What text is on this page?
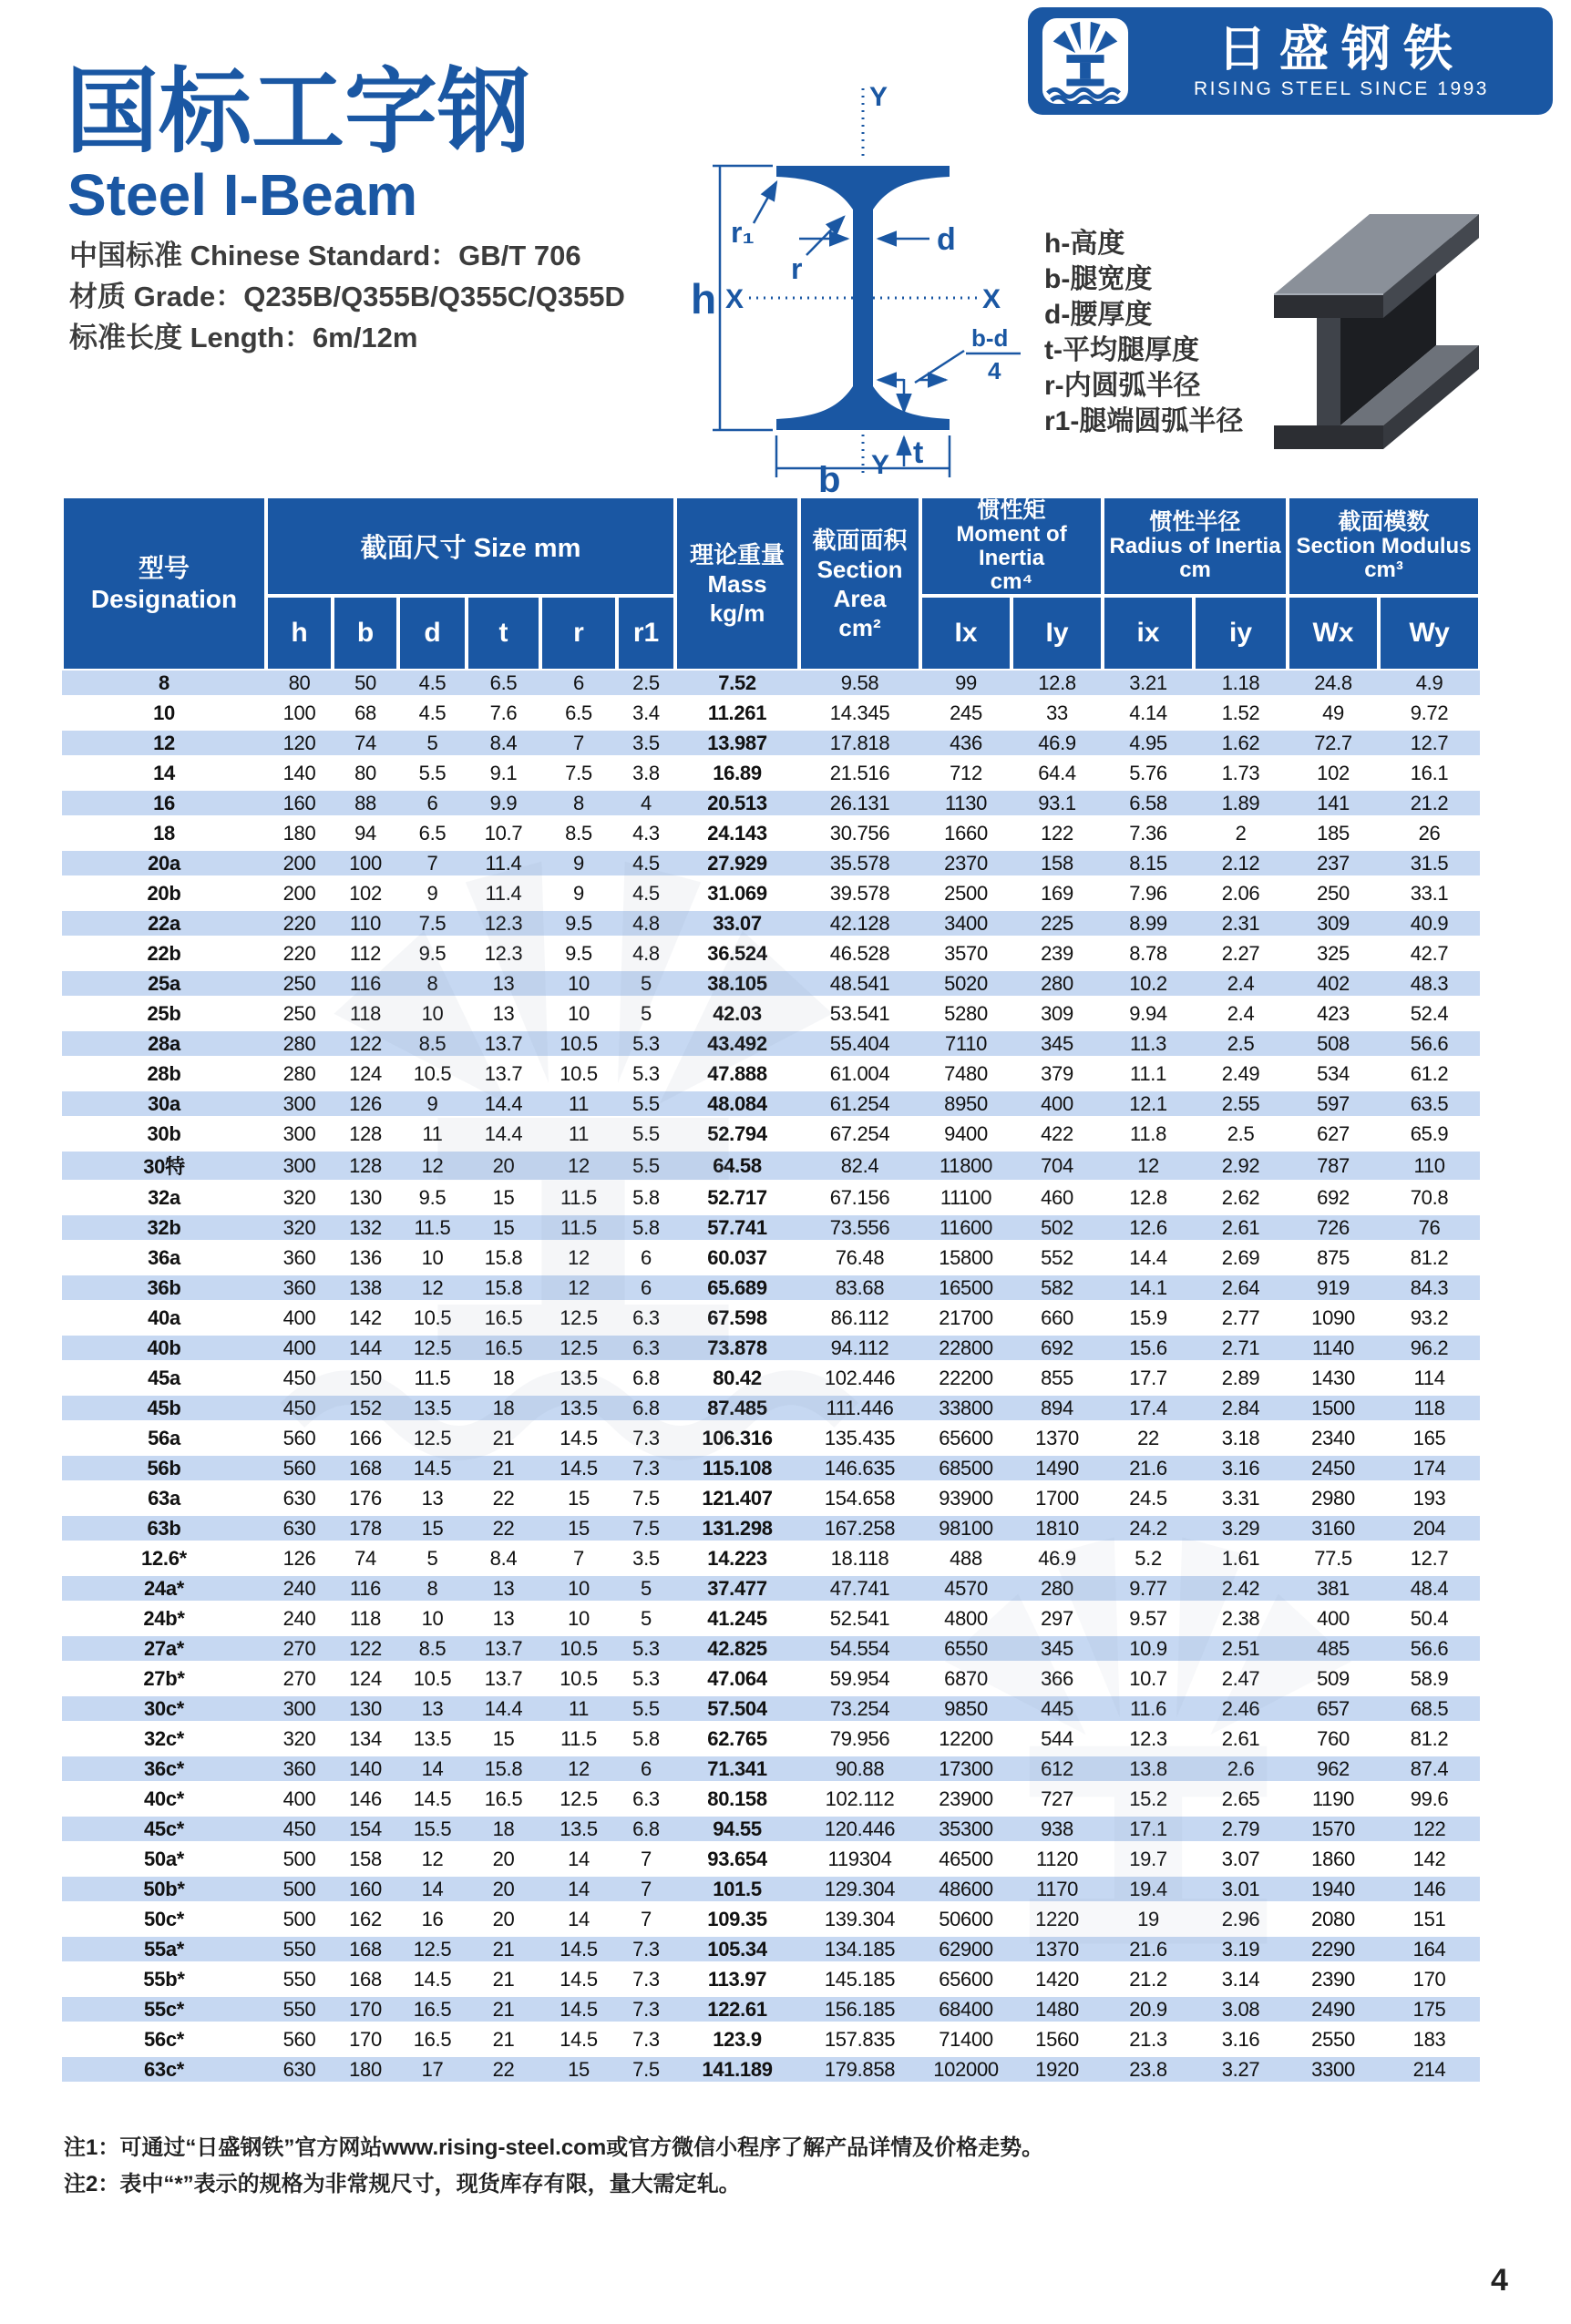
日盛钢铁
RISING STEEL SINCE 1993
国标工字钢
Steel I-Beam
中国标准 Chinese Standard：GB/T 706
材质 Grade：Q235B/Q355B/Q355C/Q355D
标准长度 Length：6m/12m
Y
Y
X	X
h
b
d
r₁
r
b-d
4
t
h-高度
b-腿宽度
d-腰厚度
t-平均腿厚度
r-内圆弧半径
r1-腿端圆弧半径
型号
Designation
	截面尺寸 Size mm	理论重量
Mass
kg/m

截面面积
Section Area
cm²

惯性矩
Moment of Inertia
cm⁴

惯性半径
Radius of Inertia
cm

截面模数
Section Modulus
cm³

	h	b	d	t	r	r1			Ix	Iy	ix	iy	Wx	Wy
8	80	50	4.5	6.5	6	2.5	7.52	9.58	99	12.8	3.21	1.18	24.8	4.9
10	100	68	4.5	7.6	6.5	3.4	11.261	14.345	245	33	4.14	1.52	49	9.72
12	120	74	5	8.4	7	3.5	13.987	17.818	436	46.9	4.95	1.62	72.7	12.7
14	140	80	5.5	9.1	7.5	3.8	16.89	21.516	712	64.4	5.76	1.73	102	16.1
16	160	88	6	9.9	8	4	20.513	26.131	1130	93.1	6.58	1.89	141	21.2
18	180	94	6.5	10.7	8.5	4.3	24.143	30.756	1660	122	7.36	2	185	26
20a	200	100	7	11.4	9	4.5	27.929	35.578	2370	158	8.15	2.12	237	31.5
20b	200	102	9	11.4	9	4.5	31.069	39.578	2500	169	7.96	2.06	250	33.1
22a	220	110	7.5	12.3	9.5	4.8	33.07	42.128	3400	225	8.99	2.31	309	40.9
22b	220	112	9.5	12.3	9.5	4.8	36.524	46.528	3570	239	8.78	2.27	325	42.7
25a	250	116	8	13	10	5	38.105	48.541	5020	280	10.2	2.4	402	48.3
25b	250	118	10	13	10	5	42.03	53.541	5280	309	9.94	2.4	423	52.4
28a	280	122	8.5	13.7	10.5	5.3	43.492	55.404	7110	345	11.3	2.5	508	56.6
28b	280	124	10.5	13.7	10.5	5.3	47.888	61.004	7480	379	11.1	2.49	534	61.2
30a	300	126	9	14.4	11	5.5	48.084	61.254	8950	400	12.1	2.55	597	63.5
30b	300	128	11	14.4	11	5.5	52.794	67.254	9400	422	11.8	2.5	627	65.9
30特	300	128	12	20	12	5.5	64.58	82.4	11800	704	12	2.92	787	110
32a	320	130	9.5	15	11.5	5.8	52.717	67.156	11100	460	12.8	2.62	692	70.8
32b	320	132	11.5	15	11.5	5.8	57.741	73.556	11600	502	12.6	2.61	726	76
36a	360	136	10	15.8	12	6	60.037	76.48	15800	552	14.4	2.69	875	81.2
36b	360	138	12	15.8	12	6	65.689	83.68	16500	582	14.1	2.64	919	84.3
40a	400	142	10.5	16.5	12.5	6.3	67.598	86.112	21700	660	15.9	2.77	1090	93.2
40b	400	144	12.5	16.5	12.5	6.3	73.878	94.112	22800	692	15.6	2.71	1140	96.2
45a	450	150	11.5	18	13.5	6.8	80.42	102.446	22200	855	17.7	2.89	1430	114
45b	450	152	13.5	18	13.5	6.8	87.485	111.446	33800	894	17.4	2.84	1500	118
56a	560	166	12.5	21	14.5	7.3	106.316	135.435	65600	1370	22	3.18	2340	165
56b	560	168	14.5	21	14.5	7.3	115.108	146.635	68500	1490	21.6	3.16	2450	174
63a	630	176	13	22	15	7.5	121.407	154.658	93900	1700	24.5	3.31	2980	193
63b	630	178	15	22	15	7.5	131.298	167.258	98100	1810	24.2	3.29	3160	204
12.6*	126	74	5	8.4	7	3.5	14.223	18.118	488	46.9	5.2	1.61	77.5	12.7
24a*	240	116	8	13	10	5	37.477	47.741	4570	280	9.77	2.42	381	48.4
24b*	240	118	10	13	10	5	41.245	52.541	4800	297	9.57	2.38	400	50.4
27a*	270	122	8.5	13.7	10.5	5.3	42.825	54.554	6550	345	10.9	2.51	485	56.6
27b*	270	124	10.5	13.7	10.5	5.3	47.064	59.954	6870	366	10.7	2.47	509	58.9
30c*	300	130	13	14.4	11	5.5	57.504	73.254	9850	445	11.6	2.46	657	68.5
32c*	320	134	13.5	15	11.5	5.8	62.765	79.956	12200	544	12.3	2.61	760	81.2
36c*	360	140	14	15.8	12	6	71.341	90.88	17300	612	13.8	2.6	962	87.4
40c*	400	146	14.5	16.5	12.5	6.3	80.158	102.112	23900	727	15.2	2.65	1190	99.6
45c*	450	154	15.5	18	13.5	6.8	94.55	120.446	35300	938	17.1	2.79	1570	122
50a*	500	158	12	20	14	7	93.654	119304	46500	1120	19.7	3.07	1860	142
50b*	500	160	14	20	14	7	101.5	129.304	48600	1170	19.4	3.01	1940	146
50c*	500	162	16	20	14	7	109.35	139.304	50600	1220	19	2.96	2080	151
55a*	550	168	12.5	21	14.5	7.3	105.34	134.185	62900	1370	21.6	3.19	2290	164
55b*	550	168	14.5	21	14.5	7.3	113.97	145.185	65600	1420	21.2	3.14	2390	170
55c*	550	170	16.5	21	14.5	7.3	122.61	156.185	68400	1480	20.9	3.08	2490	175
56c*	560	170	16.5	21	14.5	7.3	123.9	157.835	71400	1560	21.3	3.16	2550	183
63c*	630	180	17	22	15	7.5	141.189	179.858	102000	1920	23.8	3.27	3300	214
注1：可通过“日盛钢铁”官方网站www.rising-steel.com或官方微信小程序了解产品详情及价格走势。
注2：表中“*”表示的规格为非常规尺寸，现货库存有限，量大需定轧。
4
